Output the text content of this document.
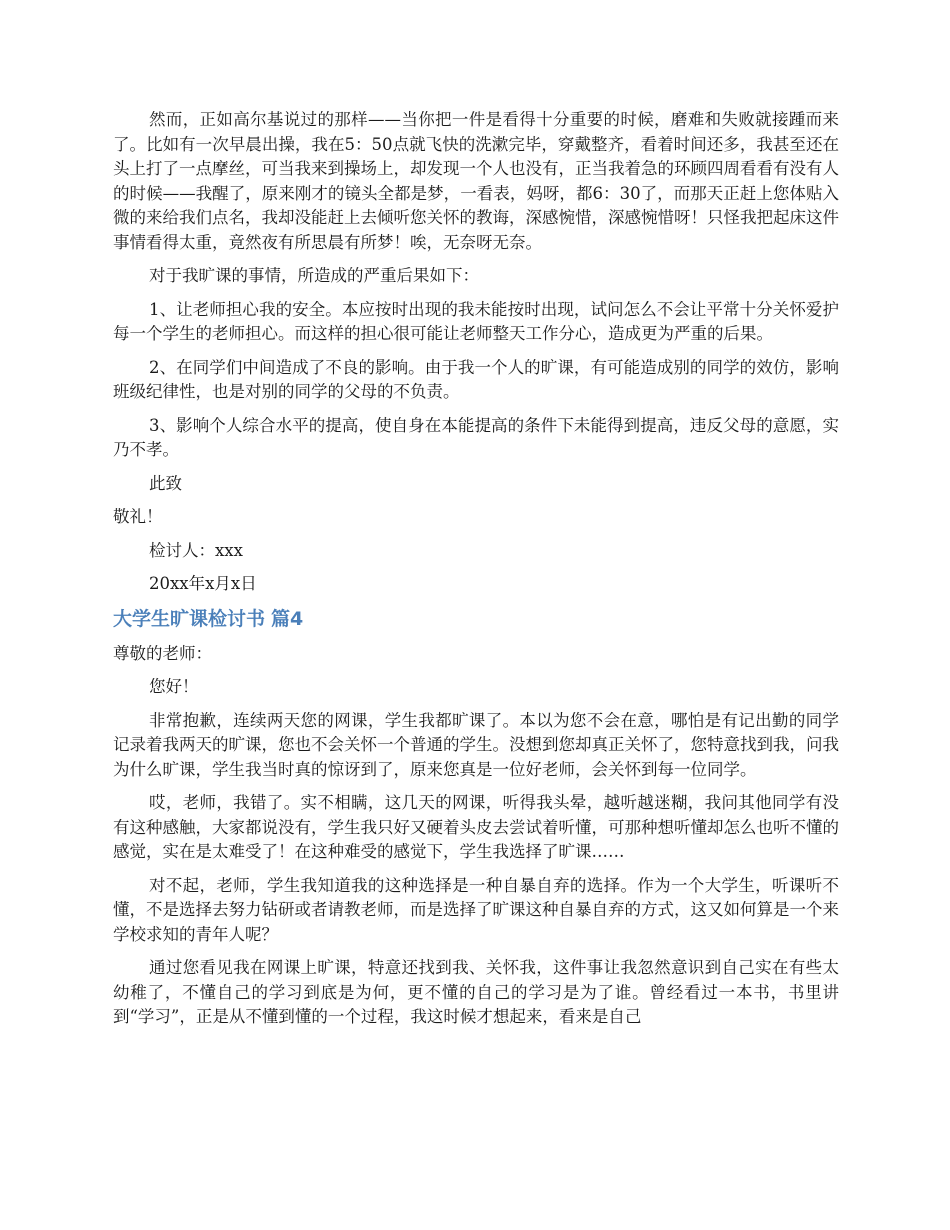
然而，正如高尔基说过的那样——当你把一件是看得十分重要的时候，磨难和失败就接踵而来了。比如有一次早晨出操，我在5：50点就飞快的洗漱完毕，穿戴整齐，看着时间还多，我甚至还在头上打了一点摩丝，可当我来到操场上，却发现一个人也没有，正当我着急的环顾四周看看有没有人的时候——我醒了，原来刚才的镜头全都是梦，一看表，妈呀，都6：30了，而那天正赶上您体贴入微的来给我们点名，我却没能赶上去倾听您关怀的教诲，深感惋惜，深感惋惜呀！只怪我把起床这件事情看得太重，竟然夜有所思晨有所梦！唉，无奈呀无奈。

对于我旷课的事情，所造成的严重后果如下：

1、让老师担心我的安全。本应按时出现的我未能按时出现，试问怎么不会让平常十分关怀爱护每一个学生的老师担心。而这样的担心很可能让老师整天工作分心，造成更为严重的后果。

2、在同学们中间造成了不良的影响。由于我一个人的旷课，有可能造成别的同学的效仿，影响班级纪律性，也是对别的同学的父母的不负责。

3、影响个人综合水平的提高，使自身在本能提高的条件下未能得到提高，违反父母的意愿，实乃不孝。

此致

敬礼！

检讨人：xxx

20xx年x月x日

大学生旷课检讨书 篇4

尊敬的老师：

您好！

非常抱歉，连续两天您的网课，学生我都旷课了。本以为您不会在意，哪怕是有记出勤的同学记录着我两天的旷课，您也不会关怀一个普通的学生。没想到您却真正关怀了，您特意找到我，问我为什么旷课，学生我当时真的惊讶到了，原来您真是一位好老师，会关怀到每一位同学。

哎，老师，我错了。实不相瞒，这几天的网课，听得我头晕，越听越迷糊，我问其他同学有没有这种感触，大家都说没有，学生我只好又硬着头皮去尝试着听懂，可那种想听懂却怎么也听不懂的感觉，实在是太难受了！在这种难受的感觉下，学生我选择了旷课……

对不起，老师，学生我知道我的这种选择是一种自暴自弃的选择。作为一个大学生，听课听不懂，不是选择去努力钻研或者请教老师，而是选择了旷课这种自暴自弃的方式，这又如何算是一个来学校求知的青年人呢？

通过您看见我在网课上旷课，特意还找到我、关怀我，这件事让我忽然意识到自己实在有些太幼稚了，不懂自己的学习到底是为何，更不懂的自己的学习是为了谁。曾经看过一本书，书里讲到“学习”，正是从不懂到懂的一个过程，我这时候才想起来，看来是自己
